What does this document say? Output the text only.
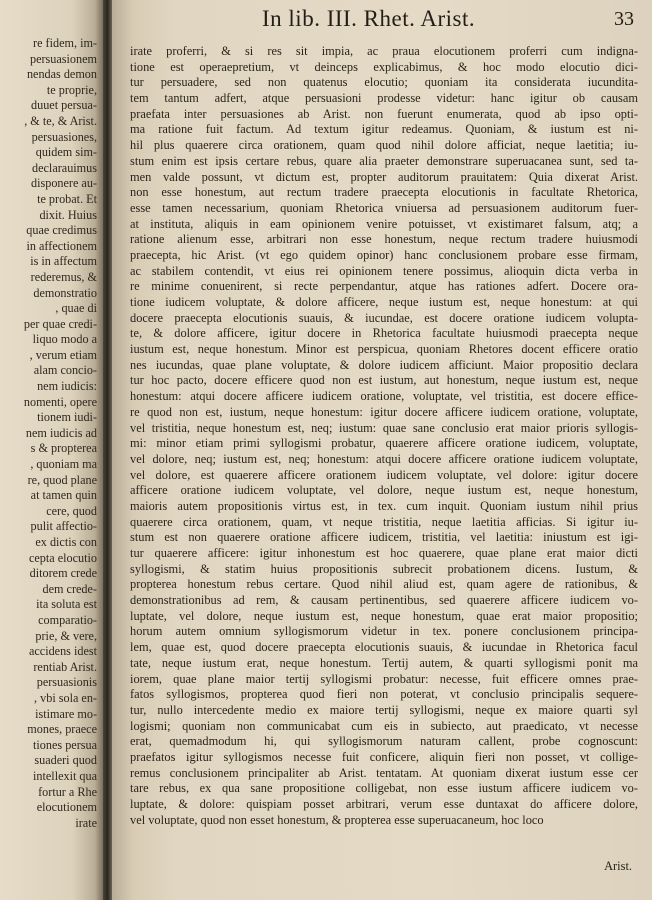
re fidem, im-
persuasionem
nendas demon
te proprie,
duuet persua-
, & te, & Arist.
persuasiones,
quidem sim-
declarauimus
disponere au-
te probat. Et
dixit. Huius
quae credimus
in affectionem
is in affectum
rederemus, &
demonstratio
, quae di
per quae credi-
liquo modo a
, verum etiam
alam concio-
nem iudicis:
nomenti, opere
tionem iudi-
nem iudicis ad
s & propterea
, quoniam ma
re, quod plane
at tamen quin
cere, quod
pulit affectio-
ex dictis con
cepta elocutio
ditorem crede
dem crede-
ita soluta est
comparatio-
prie, & vere,
accidens idest
rentiab Arist.
persuasionis
, vbi sola en-
istimare mo-
mones, praece
tiones persua
suaderi quod
intellexit qua
fortur a Rhe
elocutionem
irate
In lib. III. Rhet. Arist.	33
irate proferri, & si res sit impia, ac praua elocutionem proferri cum indigna-
tione est operaepretium, vt deinceps explicabimus, & hoc modo elocutio dici-
tur persuadere, sed non quatenus elocutio; quoniam ita considerata iucundita-
tem tantum adfert, atque persuasioni prodesse videtur: hanc igitur ob causam
praefata inter persuasiones ab Arist. non fuerunt enumerata, quod ab ipso opti-
ma ratione fuit factum. Ad textum igitur redeamus. Quoniam, & iustum est ni-
hil plus quaerere circa orationem, quam quod nihil dolore afficiat, neque laetitia; iu-
stum enim est ipsis certare rebus, quare alia praeter demonstrare superuacanea sunt, sed ta-
men valde possunt, vt dictum est, propter auditorum prauitatem: Quia dixerat Arist.
non esse honestum, aut rectum tradere praecepta elocutionis in facultate Rhetorica,
esse tamen necessarium, quoniam Rhetorica vniuersa ad persuasionem auditorum fuer-
at instituta, aliquis in eam opinionem venire potuisset, vt existimaret falsum, atq; a
ratione alienum esse, arbitrari non esse honestum, neque rectum tradere huiusmodi
praecepta, hic Arist. (vt ego quidem opinor) hanc conclusionem probare esse firmam,
ac stabilem contendit, vt eius rei opinionem tenere possimus, alioquin dicta verba in
re minime conuenirent, si recte perpendantur, atque has rationes adfert. Docere ora-
tione iudicem voluptate, & dolore afficere, neque iustum est, neque honestum: at qui
docere praecepta elocutionis suauis, & iucundae, est docere oratione iudicem volupta-
te, & dolore afficere, igitur docere in Rhetorica facultate huiusmodi praecepta neque
iustum est, neque honestum. Minor est perspicua, quoniam Rhetores docent efficere oratio
nes iucundas, quae plane voluptate, & dolore iudicem afficiunt. Maior propositio declara
tur hoc pacto, docere efficere quod non est iustum, aut honestum, neque iustum est, neque
honestum: atqui docere afficere iudicem oratione, voluptate, vel tristitia, est docere effice-
re quod non est, iustum, neque honestum: igitur docere afficere iudicem oratione, voluptate,
vel tristitia, neque honestum est, neq; iustum: quae sane conclusio erat maior prioris syllogis-
mi: minor etiam primi syllogismi probatur, quaerere afficere oratione iudicem, voluptate,
vel dolore, neq; iustum est, neq; honestum: atqui docere afficere oratione iudicem voluptate,
vel dolore, est quaerere afficere orationem iudicem voluptate, vel dolore: igitur docere
afficere oratione iudicem voluptate, vel dolore, neque iustum est, neque honestum,
maioris autem propositionis virtus est, in tex. cum inquit. Quoniam iustum nihil prius
quaerere circa orationem, quam, vt neque tristitia, neque laetitia afficias. Si igitur iu-
stum est non quaerere oratione afficere iudicem, tristitia, vel laetitia: iniustum est igi-
tur quaerere afficere: igitur inhonestum est hoc quaerere, quae plane erat maior dicti
syllogismi, & statim huius propositionis subrecit probationem dicens. Iustum, &
propterea honestum rebus certare. Quod nihil aliud est, quam agere de rationibus, &
demonstrationibus ad rem, & causam pertinentibus, sed quaerere afficere iudicem vo-
luptate, vel dolore, neque iustum est, neque honestum, quae erat maior propositio;
horum autem omnium syllogismorum videtur in tex. ponere conclusionem principa-
lem, quae est, quod docere praecepta elocutionis suauis, & iucundae in Rhetorica facul
tate, neque iustum erat, neque honestum. Tertij autem, & quarti syllogismi ponit ma
iorem, quae plane maior tertij syllogismi probatur: necesse, fuit efficere omnes prae-
fatos syllogismos, propterea quod fieri non poterat, vt conclusio principalis sequere-
tur, nullo intercedente medio ex maiore tertij syllogismi, neque ex maiore quarti syl
logismi; quoniam non communicabat cum eis in subiecto, aut praedicato, vt necesse
erat, quemadmodum hi, qui syllogismorum naturam callent, probe cognoscunt:
praefatos igitur syllogismos necesse fuit conficere, aliquin fieri non posset, vt collige-
remus conclusionem principaliter ab Arist. tentatam. At quoniam dixerat iustum esse cer
tare rebus, ex qua sane propositione colligebat, non esse iustum afficere iudicem vo-
luptate, & dolore: quispiam posset arbitrari, verum esse duntaxat do afficere dolore,
vel voluptate, quod non esset honestum, & propterea esse superuacaneum, hoc loco
Arist.
